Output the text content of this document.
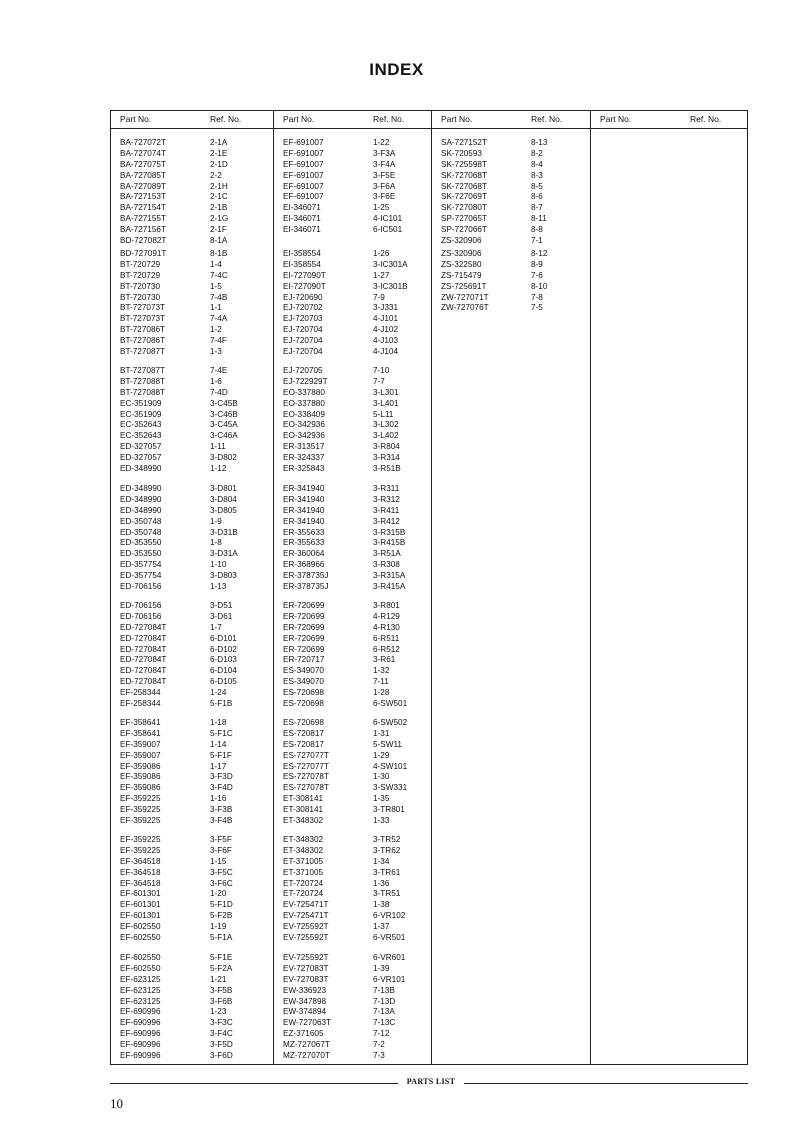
INDEX
Part No.	Ref. No.
BA-727072T	2-1A
BA-727074T	2-1E
BA-727075T	2-1D
BA-727085T	2-2
BA-727089T	2-1H
BA-727153T	2-1C
BA-727154T	2-1B
BA-727155T	2-1G
BA-727156T	2-1F
BD-727082T	8-1A
BD-727091T	8-1B
BT-720729	1-4
BT-720729	7-4C
BT-720730	1-5
BT-720730	7-4B
BT-727073T	1-1
BT-727073T	7-4A
BT-727086T	1-2
BT-727086T	7-4F
BT-727087T	1-3
BT-727087T	7-4E
BT-727088T	1-6
BT-727088T	7-4D
EC-351909	3-C45B
EC-351909	3-C46B
EC-352643	3-C45A
EC-352643	3-C46A
ED-327057	1-11
ED-327057	3-D802
ED-348990	1-12
ED-348990	3-D801
ED-348990	3-D804
ED-348990	3-D805
ED-350748	1-9
ED-350748	3-D31B
ED-353550	1-8
ED-353550	3-D31A
ED-357754	1-10
ED-357754	3-D803
ED-706156	1-13
ED-706156	3-D51
ED-706156	3-D61
ED-727084T	1-7
ED-727084T	6-D101
ED-727084T	6-D102
ED-727084T	6-D103
ED-727084T	6-D104
ED-727084T	6-D105
EF-258344	1-24
EF-258344	5-F1B
EF-358641	1-18
EF-358641	5-F1C
EF-359007	1-14
EF-359007	5-F1F
EF-359086	1-17
EF-359086	3-F3D
EF-359086	3-F4D
EF-359225	1-16
EF-359225	3-F3B
EF-359225	3-F4B
EF-359225	3-F5F
EF-359225	3-F6F
EF-364518	1-15
EF-364518	3-F5C
EF-364518	3-F6C
EF-601301	1-20
EF-601301	5-F1D
EF-601301	5-F2B
EF-602550	1-19
EF-602550	5-F1A
EF-602550	5-F1E
EF-602550	5-F2A
EF-623125	1-21
EF-623125	3-F5B
EF-623125	3-F6B
EF-690996	1-23
EF-690996	3-F3C
EF-690996	3-F4C
EF-690996	3-F5D
EF-690996	3-F6D
Part No.	Ref. No.
EF-691007	1-22
EF-691007	3-F3A
EF-691007	3-F4A
EF-691007	3-F5E
EF-691007	3-F6A
EF-691007	3-F6E
EI-346071	1-25
EI-346071	4-IC101
EI-346071	6-IC501
EI-358554	1-26
EI-358554	3-IC301A
EI-727090T	1-27
EI-727090T	3-IC301B
EJ-720690	7-9
EJ-720702	3-J331
EJ-720703	4-J101
EJ-720704	4-J102
EJ-720704	4-J103
EJ-720704	4-J104
EJ-720705	7-10
EJ-722929T	7-7
EO-337880	3-L301
EO-337880	3-L401
EO-338409	5-L11
EO-342936	3-L302
EO-342936	3-L402
ER-313517	3-R804
ER-324337	3-R314
ER-325843	3-R51B
ER-341940	3-R311
ER-341940	3-R312
ER-341940	3-R411
ER-341940	3-R412
ER-355633	3-R315B
ER-355633	3-R415B
ER-360064	3-R51A
ER-368966	3-R308
ER-378735J	3-R315A
ER-378735J	3-R415A
ER-720699	3-R801
ER-720699	4-R129
ER-720699	4-R130
ER-720699	6-R511
ER-720699	6-R512
ER-720717	3-R61
ES-349070	1-32
ES-349070	7-11
ES-720698	1-28
ES-720698	6-SW501
ES-720698	6-SW502
ES-720817	1-31
ES-720817	5-SW11
ES-727077T	1-29
ES-727077T	4-SW101
ES-727078T	1-30
ES-727078T	3-SW331
ET-308141	1-35
ET-308141	3-TR801
ET-348302	1-33
ET-348302	3-TR52
ET-348302	3-TR62
ET-371005	1-34
ET-371005	3-TR61
ET-720724	1-36
ET-720724	3-TR51
EV-725471T	1-38
EV-725471T	6-VR102
EV-725592T	1-37
EV-725592T	6-VR501
EV-725592T	6-VR601
EV-727083T	1-39
EV-727083T	6-VR101
EW-336923	7-13B
EW-347898	7-13D
EW-374894	7-13A
EW-727063T	7-13C
EZ-371605	7-12
MZ-727067T	7-2
MZ-727070T	7-3
Part No.	Ref. No.
SA-727152T	8-13
SK-720593	8-2
SK-725598T	8-4
SK-727068T	8-3
SK-727068T	8-5
SK-727069T	8-6
SK-727080T	8-7
SP-727065T	8-11
SP-727066T	8-8
ZS-320906	7-1
ZS-320906	8-12
ZS-322580	8-9
ZS-715479	7-6
ZS-725691T	8-10
ZW-727071T	7-8
ZW-727076T	7-5
Part No.	Ref. No.
PARTS LIST
10
